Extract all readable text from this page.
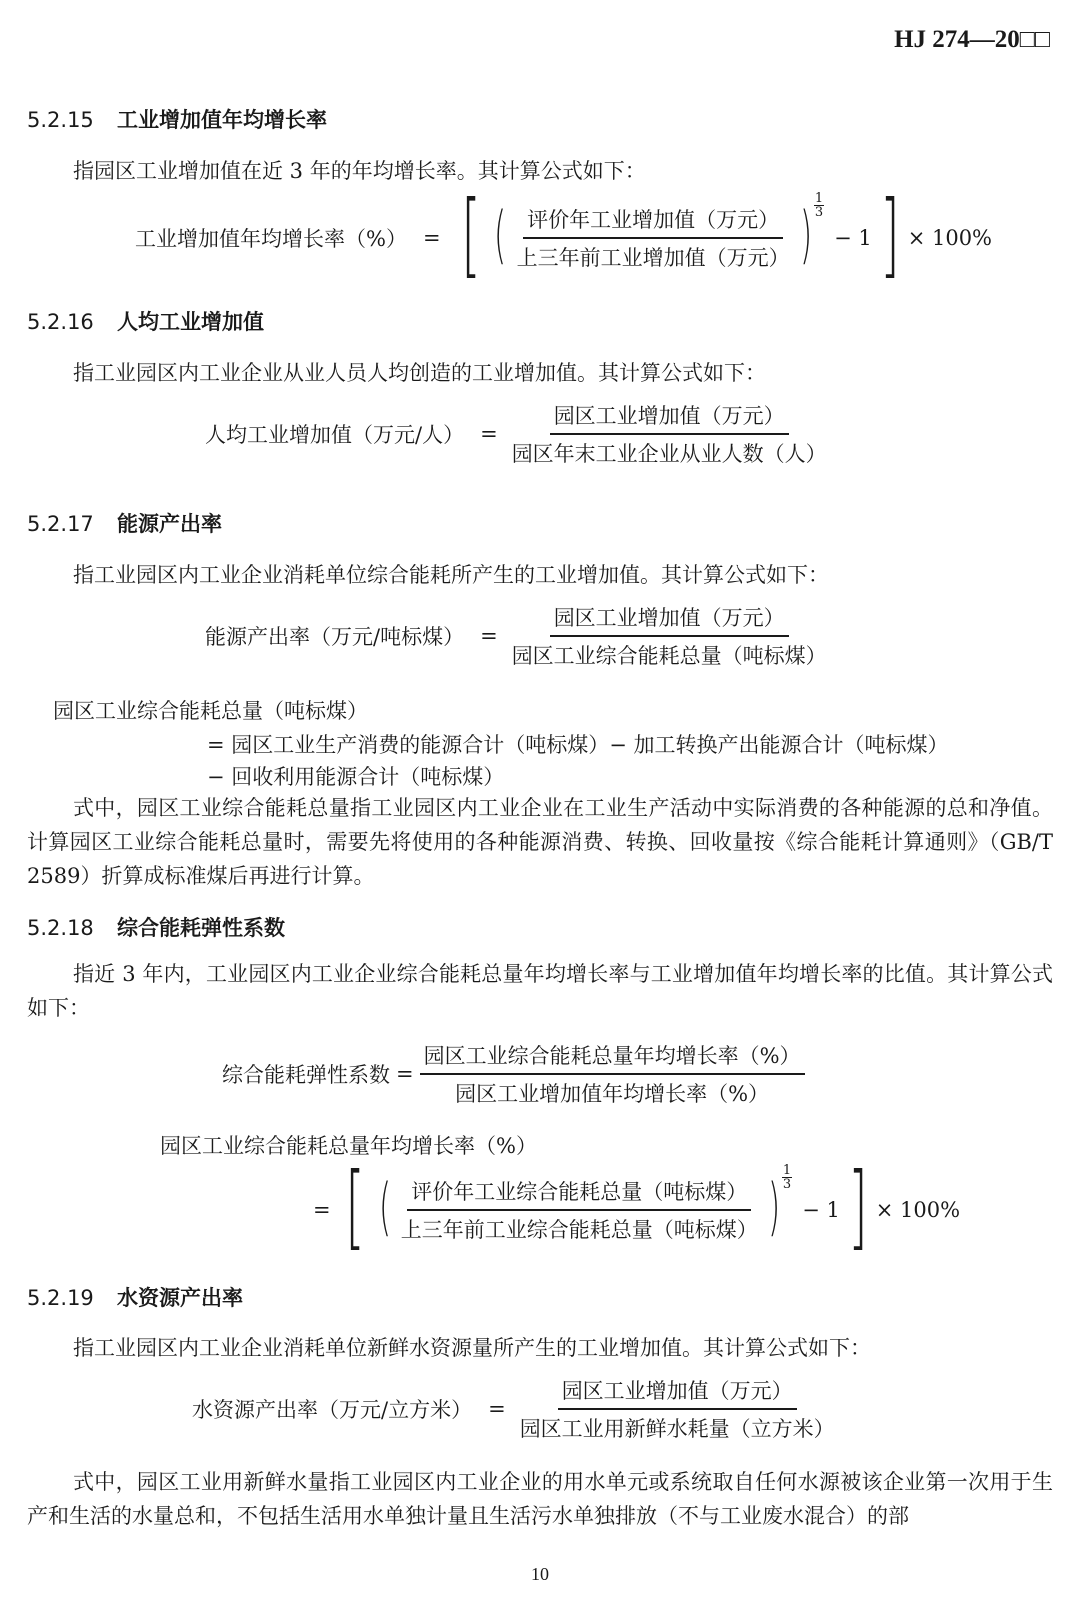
HJ 274—20□□
5.2.15 工业增加值年均增长率
指园区工业增加值在近 3 年的年均增长率。其计算公式如下：
工业增加值年均增长率（%） = [ ( $\frac{\text{评价年工业增加值（万元）}}{\text{上三年前工业增加值（万元）}}$ ) $\frac{1}{3}$
− 1 ] × 100%
5.2.16 人均工业增加值
指工业园区内工业企业从业人员人均创造的工业增加值。其计算公式如下：
人均工业增加值（万元/人） = $\frac{\text{园区工业增加值（万元）}}{\text{园区年末工业企业从业人数（人）}}$
5.2.17 能源产出率
指工业园区内工业企业消耗单位综合能耗所产生的工业增加值。其计算公式如下：
能源产出率（万元/吨标煤） = $\frac{\text{园区工业增加值（万元）}}{\text{园区工业综合能耗总量（吨标煤）}}$
园区工业综合能耗总量（吨标煤）
= 园区工业生产消费的能源合计（吨标煤）− 加工转换产出能源合计（吨标煤）
− 回收利用能源合计（吨标煤）
式中，园区工业综合能耗总量指工业园区内工业企业在工业生产活动中实际消费的各种能源的总和净值。计算园区工业综合能耗总量时，需要先将使用的各种能源消费、转换、回收量按《综合能耗计算通则》（GB/T 2589）折算成标准煤后再进行计算。
5.2.18 综合能耗弹性系数
指近 3 年内，工业园区内工业企业综合能耗总量年均增长率与工业增加值年均增长率的比值。其计算公式如下：
综合能耗弹性系数 = $\frac{\text{园区工业综合能耗总量年均增长率（\%）}}{\text{园区工业增加值年均增长率（\%）}}$
园区工业综合能耗总量年均增长率（%）
= [ ( $\frac{\text{评价年工业综合能耗总量（吨标煤）}}{\text{上三年前工业综合能耗总量（吨标煤）}}$ ) $\frac{1}{3}$
− 1 ] × 100%
5.2.19 水资源产出率
指工业园区内工业企业消耗单位新鲜水资源量所产生的工业增加值。其计算公式如下：
水资源产出率（万元/立方米） = $\frac{\text{园区工业增加值（万元）}}{\text{园区工业用新鲜水耗量（立方米）}}$
式中，园区工业用新鲜水量指工业园区内工业企业的用水单元或系统取自任何水源被该企业第一次用于生产和生活的水量总和，不包括生活用水单独计量且生活污水单独排放（不与工业废水混合）的部
10
